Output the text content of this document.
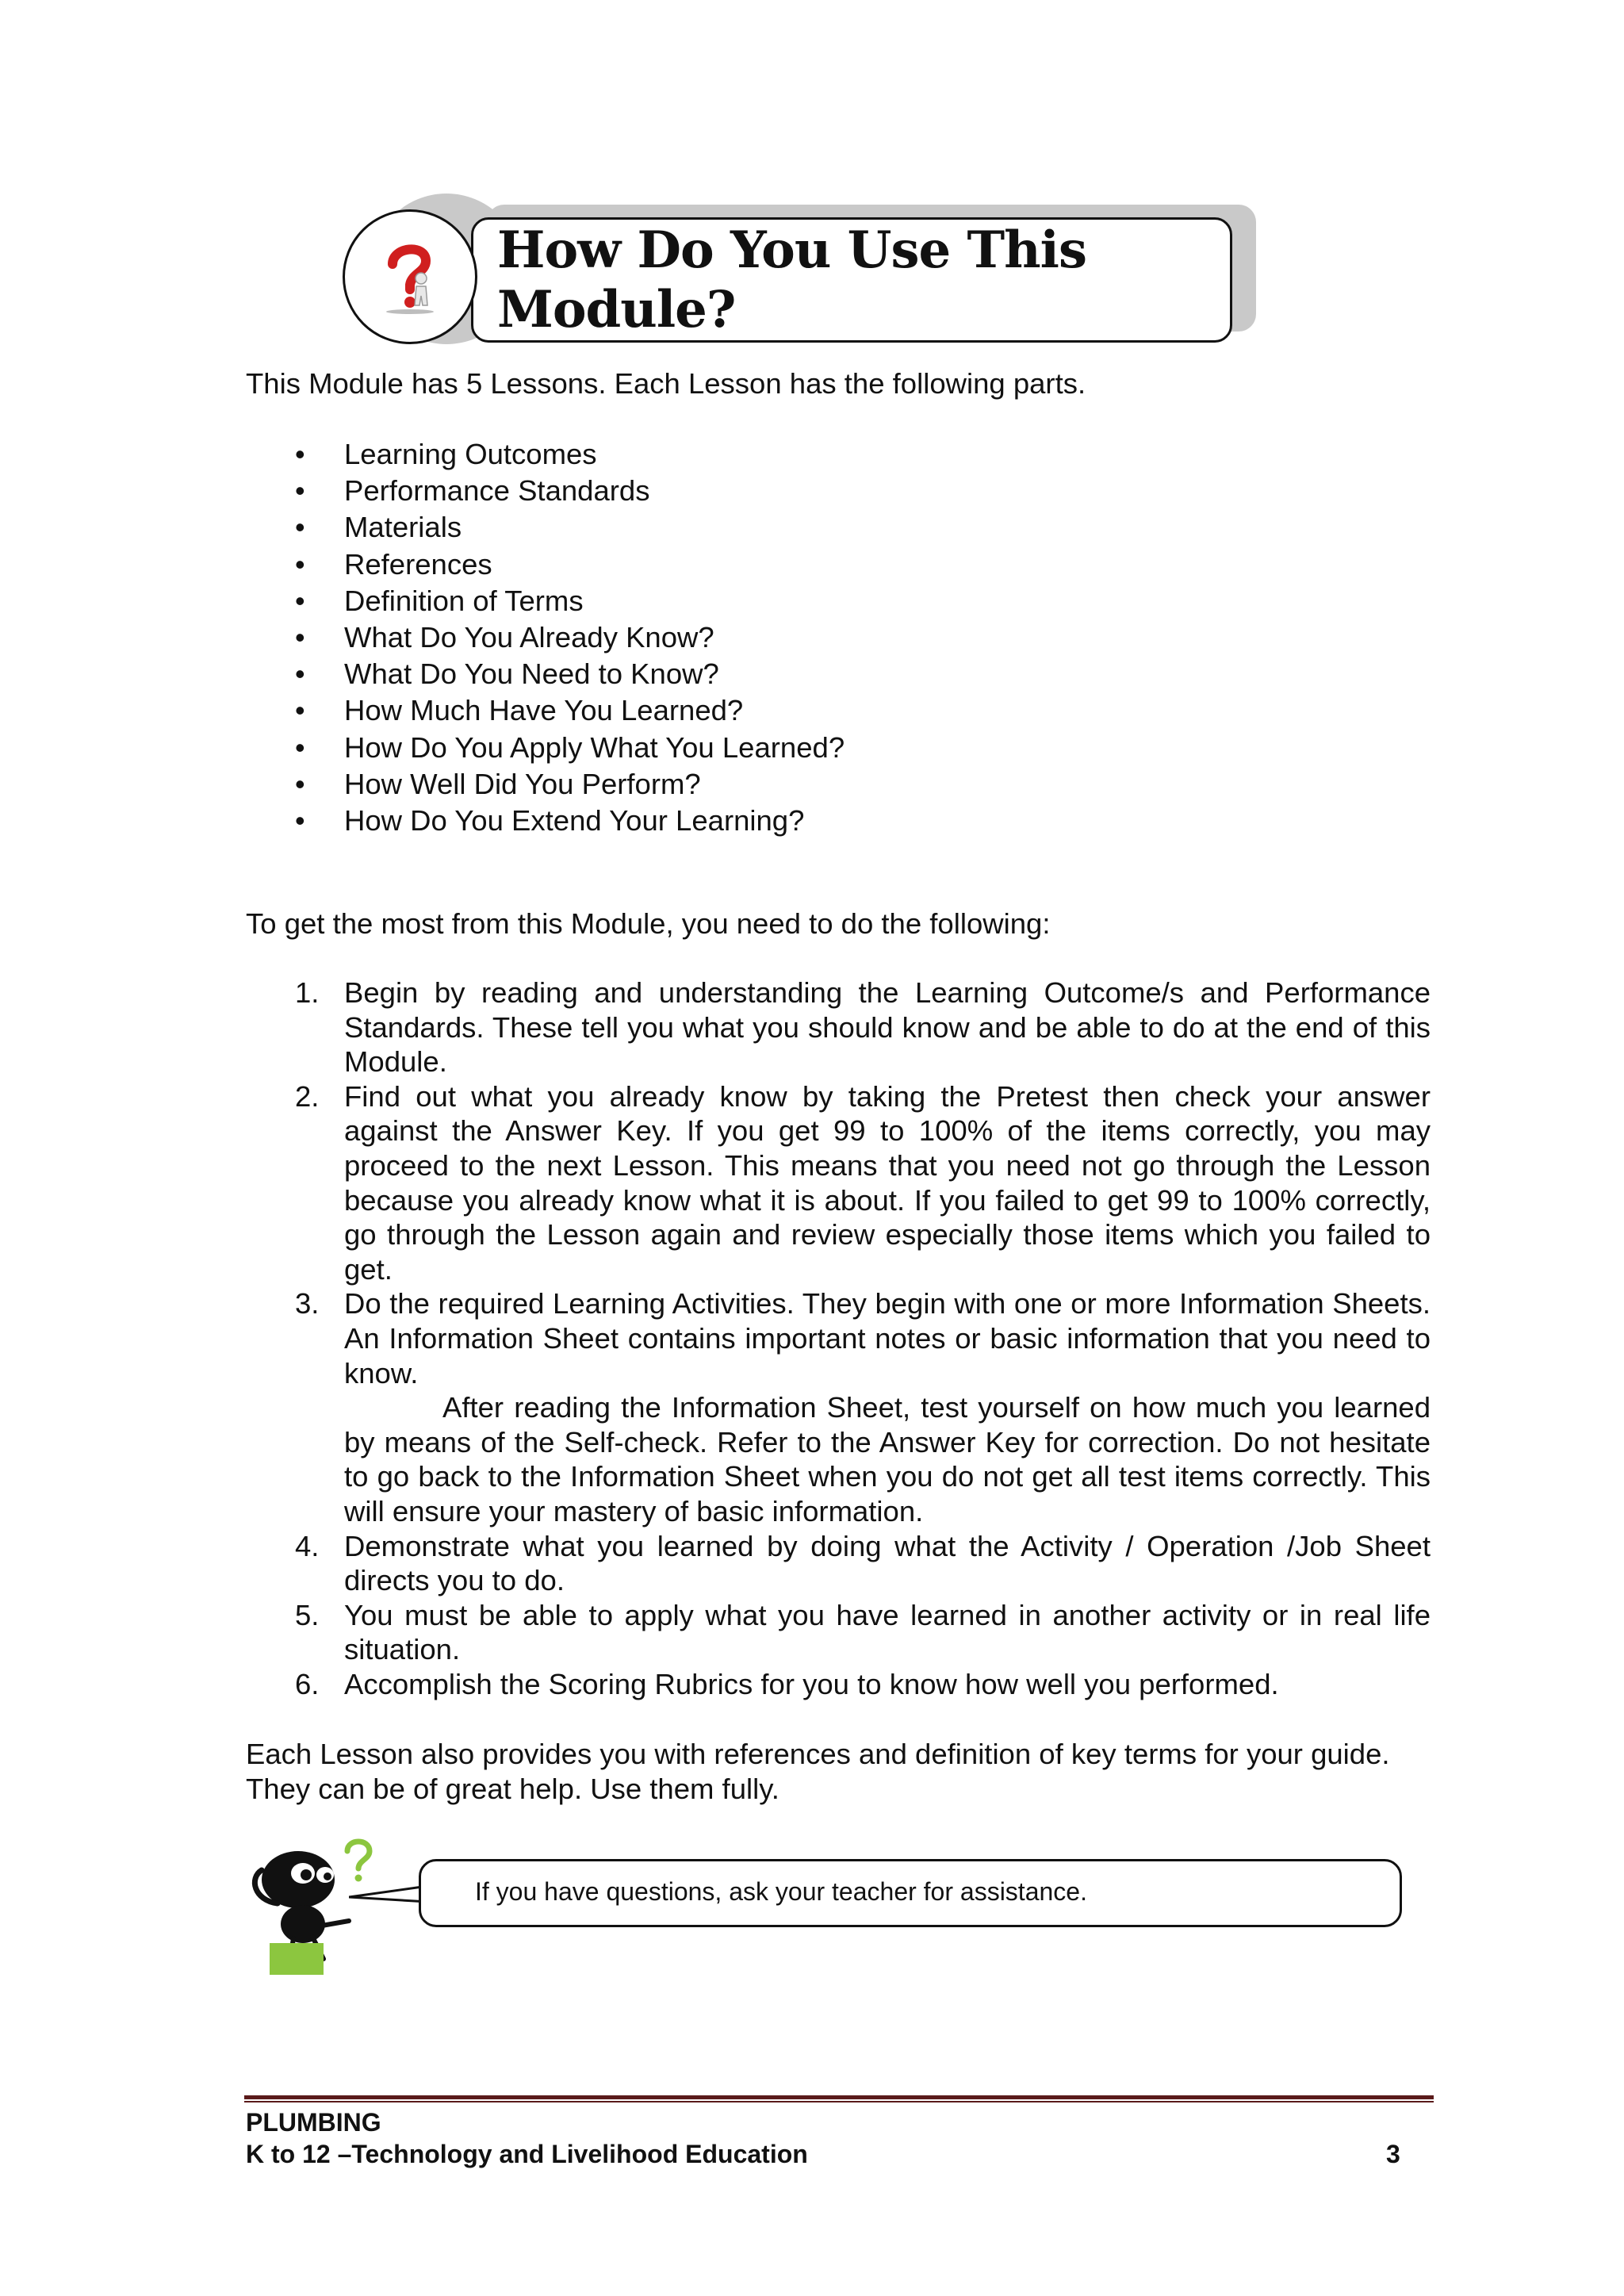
How Do You Use This Module?
This Module has 5 Lessons. Each Lesson has the following parts.
• Learning Outcomes
• Performance Standards
• Materials
• References
• Definition of Terms
• What Do You Already Know?
• What Do You Need to Know?
• How Much Have You Learned?
• How Do You Apply What You Learned?
• How Well Did You Perform?
• How Do You Extend Your Learning?
To get the most from this Module, you need to do the following:
1. Begin by reading and understanding the Learning Outcome/s and Performance Standards. These tell you what you should know and be able to do at the end of this Module.

2. Find out what you already know by taking the Pretest then check your answer against the Answer Key. If you get 99 to 100% of the items correctly, you may proceed to the next Lesson. This means that you need not go through the Lesson because you already know what it is about. If you failed to get 99 to 100% correctly, go through the Lesson again and review especially those items which you failed to get.

3. Do the required Learning Activities. They begin with one or more Information Sheets. An Information Sheet contains important notes or basic information that you need to know.

After reading the Information Sheet, test yourself on how much you learned by means of the Self-check. Refer to the Answer Key for correction. Do not hesitate to go back to the Information Sheet when you do not get all test items correctly. This will ensure your mastery of basic information.

4. Demonstrate what you learned by doing what the Activity / Operation /Job Sheet directs you to do.

5. You must be able to apply what you have learned in another activity or in real life situation.

6. Accomplish the Scoring Rubrics for you to know how well you performed.

Each Lesson also provides you with references and definition of key terms for your guide. They can be of great help. Use them fully.
If you have questions, ask your teacher for assistance.
PLUMBING
K to 12 –Technology and Livelihood Education	3
